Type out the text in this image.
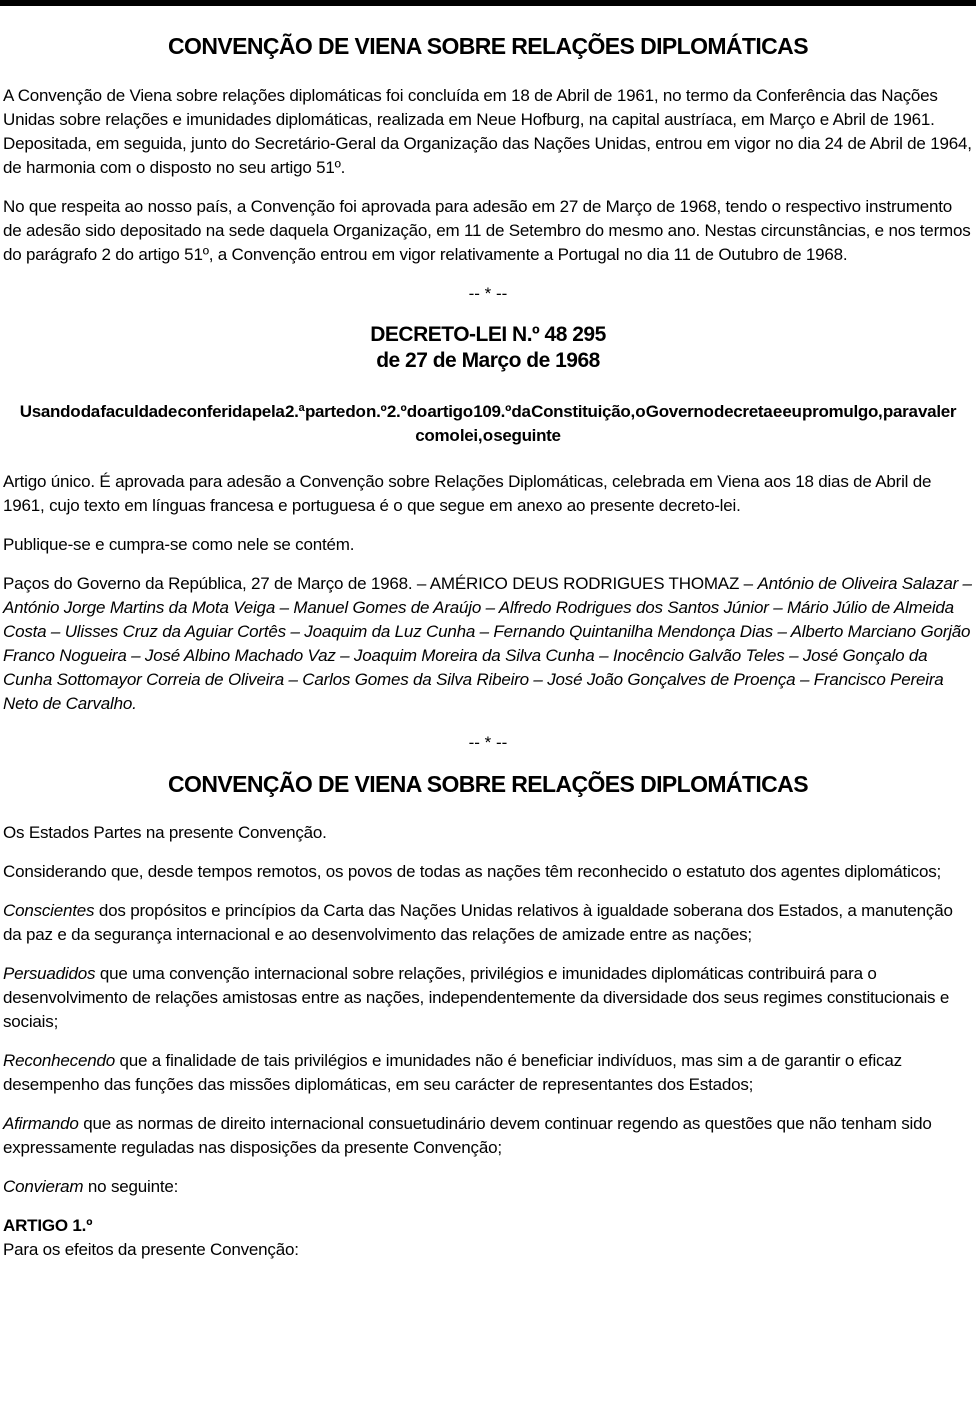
CONVENÇÃO DE VIENA SOBRE RELAÇÕES DIPLOMÁTICAS

A Convenção de Viena sobre relações diplomáticas foi concluída em 18 de Abril de 1961, no termo da Conferência das Nações Unidas sobre relações e imunidades diplomáticas, realizada em Neue Hofburg, na capital austríaca, em Março e Abril de 1961. Depositada, em seguida, junto do Secretário-Geral da Organização das Nações Unidas, entrou em vigor no dia 24 de Abril de 1964, de harmonia com o disposto no seu artigo 51º.

No que respeita ao nosso país, a Convenção foi aprovada para adesão em 27 de Março de 1968, tendo o respectivo instrumento de adesão sido depositado na sede daquela Organização, em 11 de Setembro do mesmo ano. Nestas circunstâncias, e nos termos do parágrafo 2 do artigo 51º, a Convenção entrou em vigor relativamente a Portugal no dia 11 de Outubro de 1968.

-- * --
DECRETO-LEI N.º 48 295
de 27 de Março de 1968

Usando da faculdade conferida pela 2.ª parte do n.º 2.º do artigo 109.º da Constituição, o Governo decreta e eu promulgo, para valer como lei, o seguinte

Artigo único. É aprovada para adesão a Convenção sobre Relações Diplomáticas, celebrada em Viena aos 18 dias de Abril de 1961, cujo texto em línguas francesa e portuguesa é o que segue em anexo ao presente decreto-lei.

Publique-se e cumpra-se como nele se contém.

Paços do Governo da República, 27 de Março de 1968. – AMÉRICO DEUS RODRIGUES THOMAZ – António de Oliveira Salazar – António Jorge Martins da Mota Veiga – Manuel Gomes de Araújo – Alfredo Rodrigues dos Santos Júnior – Mário Júlio de Almeida Costa – Ulisses Cruz da Aguiar Cortês – Joaquim da Luz Cunha – Fernando Quintanilha Mendonça Dias – Alberto Marciano Gorjão Franco Nogueira – José Albino Machado Vaz – Joaquim Moreira da Silva Cunha – Inocêncio Galvão Teles – José Gonçalo da Cunha Sottomayor Correia de Oliveira – Carlos Gomes da Silva Ribeiro – José João Gonçalves de Proença – Francisco Pereira Neto de Carvalho.

-- * --
CONVENÇÃO DE VIENA SOBRE RELAÇÕES DIPLOMÁTICAS

Os Estados Partes na presente Convenção.

Considerando que, desde tempos remotos, os povos de todas as nações têm reconhecido o estatuto dos agentes diplomáticos;

Conscientes dos propósitos e princípios da Carta das Nações Unidas relativos à igualdade soberana dos Estados, a manutenção da paz e da segurança internacional e ao desenvolvimento das relações de amizade entre as nações;

Persuadidos que uma convenção internacional sobre relações, privilégios e imunidades diplomáticas contribuirá para o desenvolvimento de relações amistosas entre as nações, independentemente da diversidade dos seus regimes constitucionais e sociais;

Reconhecendo que a finalidade de tais privilégios e imunidades não é beneficiar indivíduos, mas sim a de garantir o eficaz desempenho das funções das missões diplomáticas, em seu carácter de representantes dos Estados;

Afirmando que as normas de direito internacional consuetudinário devem continuar regendo as questões que não tenham sido expressamente reguladas nas disposições da presente Convenção;

Convieram no seguinte:

ARTIGO 1.º

Para os efeitos da presente Convenção:
